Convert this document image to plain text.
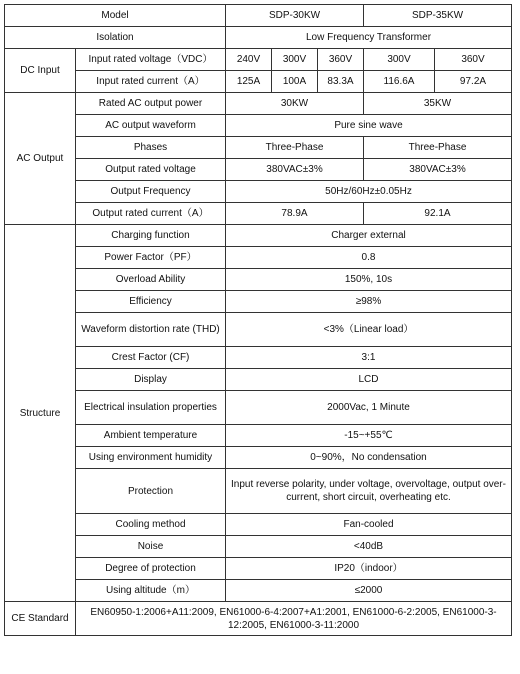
Model		SDP-30KW			SDP-35KW	
Isolation		Low Frequency Transformer				
DC Input	Input rated voltage（VDC）	240V	300V	360V	300V	360V
	Input rated current（A）	125A	100A	83.3A	116.6A	97.2A
AC Output	Rated AC output power	30KW			35KW	
	AC output waveform	Pure sine wave				
	Phases	Three-Phase			Three-Phase	
	Output rated voltage	380VAC±3%			380VAC±3%	
	Output Frequency	50Hz/60Hz±0.05Hz				
	Output rated current（A）	78.9A			92.1A	
Structure	Charging function	Charger external				
	Power Factor（PF）	0.8				
	Overload Ability	150%, 10s				
	Efficiency	≥98%				
	Waveform distortion rate (THD)	<3%（Linear load）				
	Crest Factor (CF)	3:1				
	Display	LCD				
	Electrical insulation properties	2000Vac, 1 Minute				
	Ambient temperature	-15~+55℃				
	Using environment humidity	0~90%，No condensation				
	Protection	Input reverse polarity, under voltage, overvoltage, output over-current, short circuit, overheating etc.				
	Cooling method	Fan-cooled				
	Noise	<40dB				
	Degree of protection	IP20（indoor）				
	Using altitude（m）	≤2000				
CE Standard	EN60950-1:2006+A11:2009, EN61000-6-4:2007+A1:2001, EN61000-6-2:2005, EN61000-3-12:2005, EN61000-3-11:2000					
